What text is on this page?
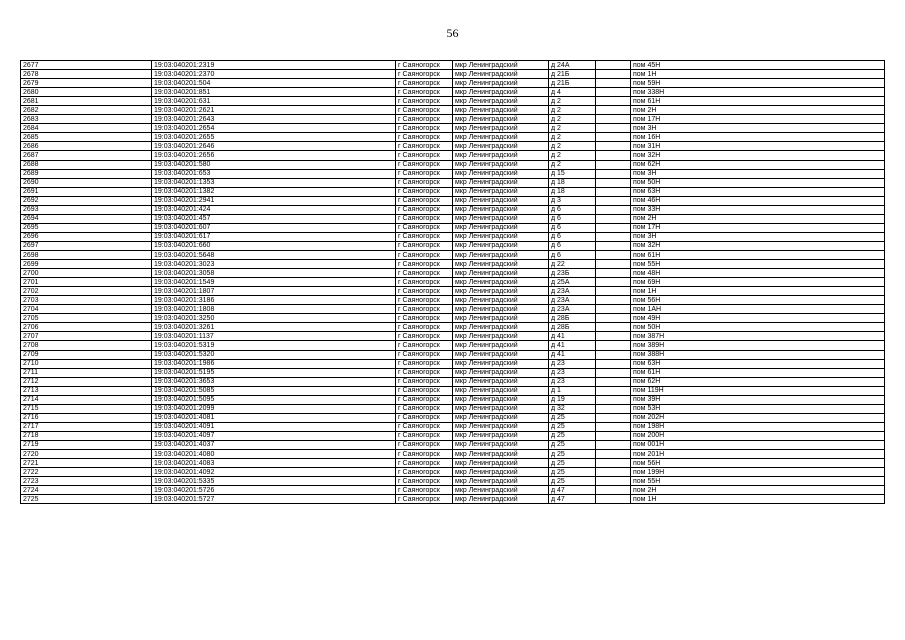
56
2677	19:03:040201:2319	г Саяногорск	мкр Ленинградский	д 24А		пом 45Н
2678	19:03:040201:2370	г Саяногорск	мкр Ленинградский	д 21Б		пом 1Н
2679	19:03:040201:504	г Саяногорск	мкр Ленинградский	д 21Б		пом 59Н
2680	19:03:040201:851	г Саяногорск	мкр Ленинградский	д 4		пом 338Н
2681	19:03:040201:631	г Саяногорск	мкр Ленинградский	д 2		пом 61Н
2682	19:03:040201:2621	г Саяногорск	мкр Ленинградский	д 2		пом 2Н
2683	19:03:040201:2643	г Саяногорск	мкр Ленинградский	д 2		пом 17Н
2684	19:03:040201:2654	г Саяногорск	мкр Ленинградский	д 2		пом 3Н
2685	19:03:040201:2655	г Саяногорск	мкр Ленинградский	д 2		пом 16Н
2686	19:03:040201:2646	г Саяногорск	мкр Ленинградский	д 2		пом 31Н
2687	19:03:040201:2656	г Саяногорск	мкр Ленинградский	д 2		пом 32Н
2688	19:03:040201:580	г Саяногорск	мкр Ленинградский	д 2		пом 62Н
2689	19:03:040201:653	г Саяногорск	мкр Ленинградский	д 15		пом 3Н
2690	19:03:040201:1353	г Саяногорск	мкр Ленинградский	д 18		пом 50Н
2691	19:03:040201:1382	г Саяногорск	мкр Ленинградский	д 18		пом 63Н
2692	19:03:040201:2941	г Саяногорск	мкр Ленинградский	д 3		пом 46Н
2693	19:03:040201:424	г Саяногорск	мкр Ленинградский	д 6		пом 33Н
2694	19:03:040201:457	г Саяногорск	мкр Ленинградский	д 6		пом 2Н
2695	19:03:040201:607	г Саяногорск	мкр Ленинградский	д 6		пом 17Н
2696	19:03:040201:617	г Саяногорск	мкр Ленинградский	д 6		пом 3Н
2697	19:03:040201:660	г Саяногорск	мкр Ленинградский	д 6		пом 32Н
2698	19:03:040201:5648	г Саяногорск	мкр Ленинградский	д 6		пом 61Н
2699	19:03:040201:3023	г Саяногорск	мкр Ленинградский	д 22		пом 55Н
2700	19:03:040201:3058	г Саяногорск	мкр Ленинградский	д 23Б		пом 48Н
2701	19:03:040201:1549	г Саяногорск	мкр Ленинградский	д 25А		пом 69Н
2702	19:03:040201:1807	г Саяногорск	мкр Ленинградский	д 23А		пом 1Н
2703	19:03:040201:3186	г Саяногорск	мкр Ленинградский	д 23А		пом 56Н
2704	19:03:040201:1808	г Саяногорск	мкр Ленинградский	д 23А		пом 1АН
2705	19:03:040201:3250	г Саяногорск	мкр Ленинградский	д 28Б		пом 49Н
2706	19:03:040201:3261	г Саяногорск	мкр Ленинградский	д 28Б		пом 50Н
2707	19:03:040201:1137	г Саяногорск	мкр Ленинградский	д 41		пом 387Н
2708	19:03:040201:5319	г Саяногорск	мкр Ленинградский	д 41		пом 389Н
2709	19:03:040201:5320	г Саяногорск	мкр Ленинградский	д 41		пом 388Н
2710	19:03:040201:1986	г Саяногорск	мкр Ленинградский	д 23		пом 63Н
2711	19:03:040201:5195	г Саяногорск	мкр Ленинградский	д 23		пом 61Н
2712	19:03:040201:3653	г Саяногорск	мкр Ленинградский	д 23		пом 62Н
2713	19:03:040201:5085	г Саяногорск	мкр Ленинградский	д 1		пом 119Н
2714	19:03:040201:5095	г Саяногорск	мкр Ленинградский	д 19		пом 39Н
2715	19:03:040201:2099	г Саяногорск	мкр Ленинградский	д 32		пом 53Н
2716	19:03:040201:4081	г Саяногорск	мкр Ленинградский	д 25		пом 202Н
2717	19:03:040201:4091	г Саяногорск	мкр Ленинградский	д 25		пом 198Н
2718	19:03:040201:4097	г Саяногорск	мкр Ленинградский	д 25		пом 200Н
2719	19:03:040201:4037	г Саяногорск	мкр Ленинградский	д 25		пом 001Н
2720	19:03:040201:4080	г Саяногорск	мкр Ленинградский	д 25		пом 201Н
2721	19:03:040201:4083	г Саяногорск	мкр Ленинградский	д 25		пом 56Н
2722	19:03:040201:4092	г Саяногорск	мкр Ленинградский	д 25		пом 199Н
2723	19:03:040201:5335	г Саяногорск	мкр Ленинградский	д 25		пом 55Н
2724	19:03:040201:5726	г Саяногорск	мкр Ленинградский	д 47		пом 2Н
2725	19:03:040201:5727	г Саяногорск	мкр Ленинградский	д 47		пом 1Н
